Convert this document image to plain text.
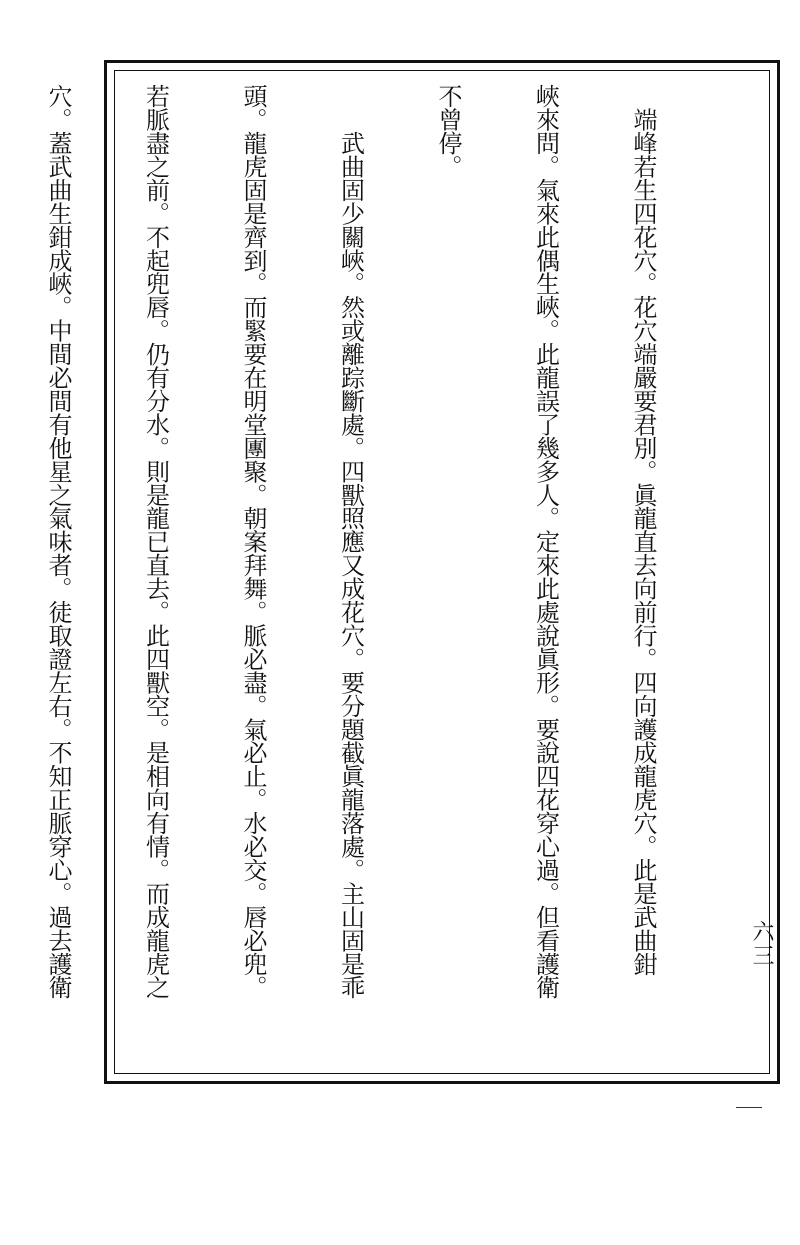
　端峰若生四花穴。花穴端嚴要君別。眞龍直去向前行。四向護成龍虎穴。此是武曲鉗

峽來問。氣來此偶生峽。此龍誤了幾多人。定來此處說眞形。要說四花穿心過。但看護衛

不曾停。

　　武曲固少關峽。然或離踪斷處。四獸照應又成花穴。要分題截眞龍落處。主山固是乖

頭。龍虎固是齊到。而緊要在明堂團聚。朝案拜舞。脈必盡。氣必止。水必交。唇必兜。

若脈盡之前。不起兜唇。仍有分水。則是龍已直去。此四獸空。是相向有情。而成龍虎之

穴。蓋武曲生鉗成峽。中間必間有他星之氣味者。徒取證左右。不知正脈穿心。過去護衛

	六三
